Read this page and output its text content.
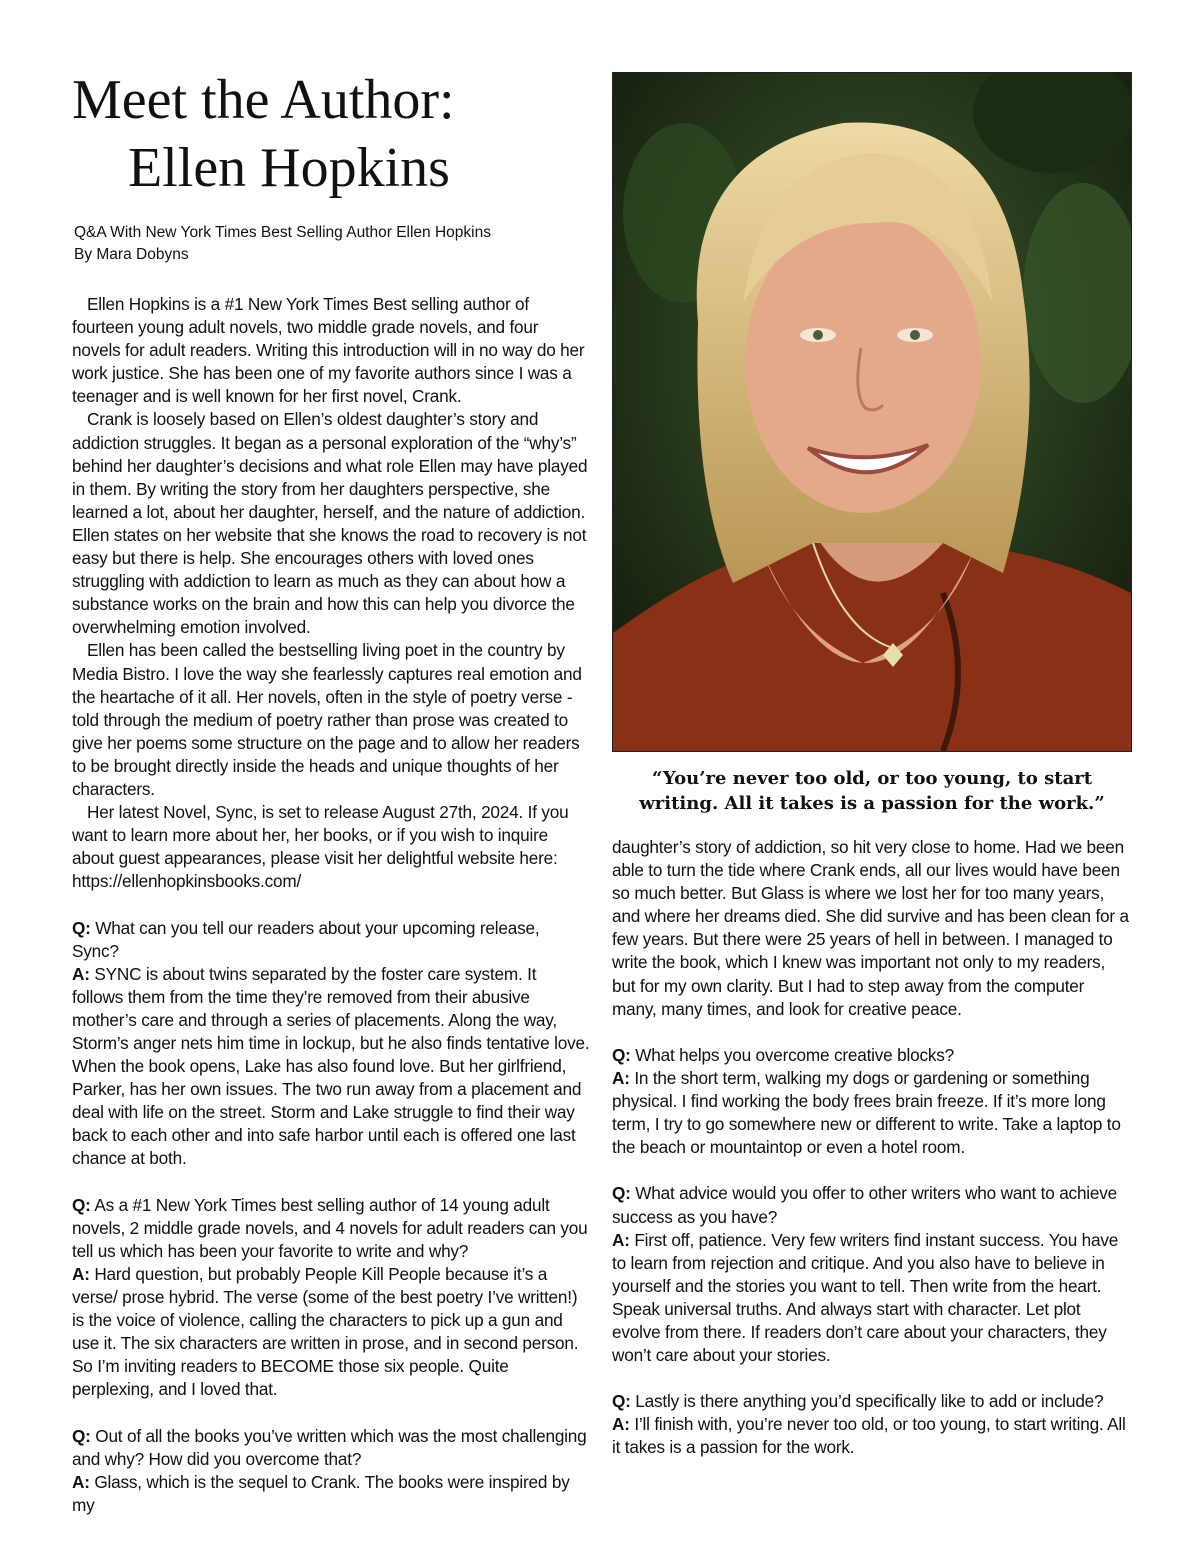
Meet the Author:
Ellen Hopkins
Q&A With New York Times Best Selling Author Ellen Hopkins
By Mara Dobyns

Ellen Hopkins is a #1 New York Times Best selling author of fourteen young adult novels, two middle grade novels, and four novels for adult readers. Writing this introduction will in no way do her work justice. She has been one of my favorite authors since I was a teenager and is well known for her first novel, Crank.

Crank is loosely based on Ellen’s oldest daughter’s story and addiction struggles. It began as a personal exploration of the “why’s” behind her daughter’s decisions and what role Ellen may have played in them. By writing the story from her daughters perspective, she learned a lot, about her daughter, herself, and the nature of addiction. Ellen states on her website that she knows the road to recovery is not easy but there is help. She encourages others with loved ones struggling with addiction to learn as much as they can about how a substance works on the brain and how this can help you divorce the overwhelming emotion involved.

Ellen has been called the bestselling living poet in the country by Media Bistro. I love the way she fearlessly captures real emotion and the heartache of it all. Her novels, often in the style of poetry verse - told through the medium of poetry rather than prose was created to give her poems some structure on the page and to allow her readers to be brought directly inside the heads and unique thoughts of her characters.

Her latest Novel, Sync, is set to release August 27th, 2024. If you want to learn more about her, her books, or if you wish to inquire about guest appearances, please visit her delightful website here: https://ellenhopkinsbooks.com/

Q: What can you tell our readers about your upcoming release, Sync?

A: SYNC is about twins separated by the foster care system. It follows them from the time they’re removed from their abusive mother’s care and through a series of placements. Along the way, Storm’s anger nets him time in lockup, but he also finds tentative love. When the book opens, Lake has also found love. But her girlfriend, Parker, has her own issues. The two run away from a placement and deal with life on the street. Storm and Lake struggle to find their way back to each other and into safe harbor until each is offered one last chance at both.

Q: As a #1 New York Times best selling author of 14 young adult novels, 2 middle grade novels, and 4 novels for adult readers can you tell us which has been your favorite to write and why?

A: Hard question, but probably People Kill People because it’s a verse/ prose hybrid. The verse (some of the best poetry I’ve written!) is the voice of violence, calling the characters to pick up a gun and use it. The six characters are written in prose, and in second person. So I’m inviting readers to BECOME those six people. Quite perplexing, and I loved that.

Q: Out of all the books you’ve written which was the most challenging and why? How did you overcome that?

A: Glass, which is the sequel to Crank. The books were inspired by my

“You’re never too old, or too young, to start writing. All it takes is a passion for the work.”

daughter’s story of addiction, so hit very close to home. Had we been able to turn the tide where Crank ends, all our lives would have been so much better. But Glass is where we lost her for too many years, and where her dreams died. She did survive and has been clean for a few years. But there were 25 years of hell in between. I managed to write the book, which I knew was important not only to my readers, but for my own clarity. But I had to step away from the computer many, many times, and look for creative peace.

Q: What helps you overcome creative blocks?

A: In the short term, walking my dogs or gardening or something physical. I find working the body frees brain freeze. If it’s more long term, I try to go somewhere new or different to write. Take a laptop to the beach or mountaintop or even a hotel room.

Q: What advice would you offer to other writers who want to achieve success as you have?

A: First off, patience. Very few writers find instant success. You have to learn from rejection and critique. And you also have to believe in yourself and the stories you want to tell. Then write from the heart. Speak universal truths. And always start with character. Let plot evolve from there. If readers don’t care about your characters, they won’t care about your stories.

Q: Lastly is there anything you’d specifically like to add or include?

A: I’ll finish with, you’re never too old, or too young, to start writing. All it takes is a passion for the work.
